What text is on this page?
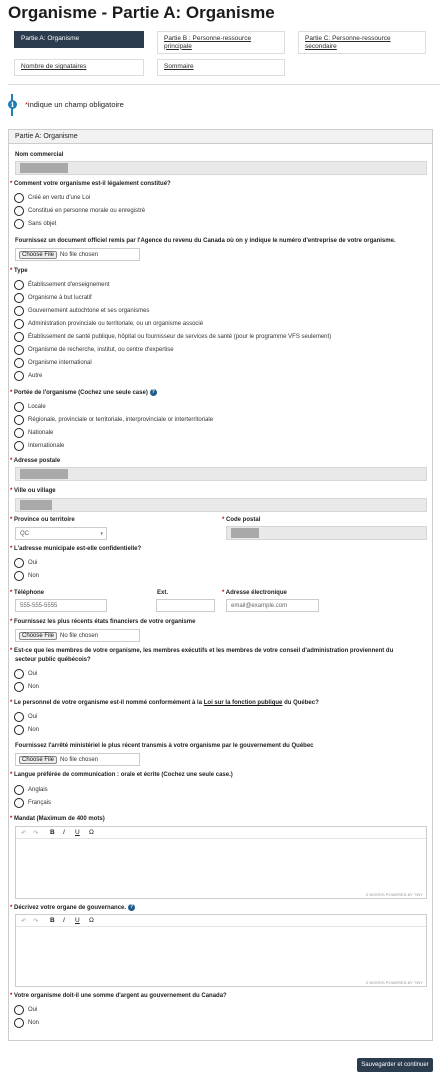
Organisme - Partie A: Organisme
Partie A: Organisme	Partie B : Personne-ressource principale
Partie C: Personne-ressource secondaire
Nombre de signataires	Sommaire
i	*indique un champ obligatoire
Partie A: Organisme
Nom commercial
* Comment votre organisme est-il légalement constitué?
Créé en vertu d'une Loi
Constitué en personne morale ou enregistré
Sans objet
Fournissez un document officiel remis par l'Agence du revenu du Canada où on y indique le numéro d'entreprise de votre organisme.
Choose File No file chosen
* Type
Établissement d'enseignement
Organisme à but lucratif
Gouvernement autochtone et ses organismes
Administration provinciale ou territoriale, ou un organisme associé
Établissement de santé publique, hôpital ou fournisseur de services de santé (pour le programme VFS seulement)
Organisme de recherche, institut, ou centre d'expertise
Organisme international
Autre
* Portée de l'organisme (Cochez une seule case) ?
Locale
Régionale, provinciale or territoriale, interprovinciale or interterritoriale
Nationale
Internationale
* Adresse postale
* Ville ou village
* Province ou territoire
QC	▾
* Code postal
* L'adresse municipale est-elle confidentielle?
Oui
Non
* Téléphone
555-555-5555
Ext.	* Adresse électronique
email@example.com
* Fournissez les plus récents états financiers de votre organisme
Choose File No file chosen
* Est-ce que les membres de votre organisme, les membres exécutifs et les membres de votre conseil d'administration proviennent du
secteur public québécois?
Oui
Non
* Le personnel de votre organisme est-il nommé conformément à la Loi sur la fonction publique du Québec?
Oui
Non
Fournissez l'arrêté ministériel le plus récent transmis à votre organisme par le gouvernement du Québec
Choose File No file chosen
* Langue préférée de communication : orale et écrite (Cochez une seule case.)
Anglais
Français
* Mandat (Maximum de 400 mots)
↶ ↷ B I U Ω
0 WORDS POWERED BY TINY
* Décrivez votre organe de gouvernance. ?
↶ ↷ B I U Ω
0 WORDS POWERED BY TINY
* Votre organisme doit-il une somme d'argent au gouvernement du Canada?
Oui
Non
Sauvegarder et continuer
